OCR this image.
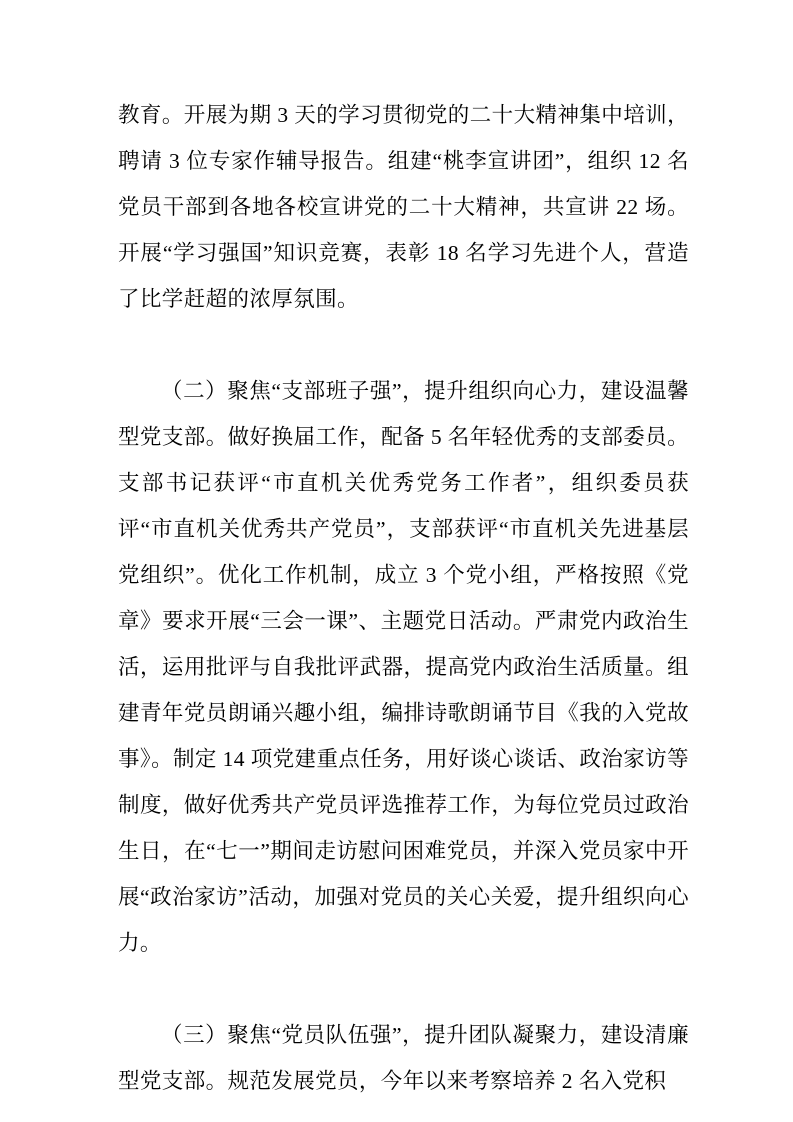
教育。开展为期 3 天的学习贯彻党的二十大精神集中培训，聘请 3 位专家作辅导报告。组建“桃李宣讲团”，组织 12 名党员干部到各地各校宣讲党的二十大精神，共宣讲 22 场。开展“学习强国”知识竞赛，表彰 18 名学习先进个人，营造了比学赶超的浓厚氛围。

（二）聚焦“支部班子强”，提升组织向心力，建设温馨型党支部。做好换届工作，配备 5 名年轻优秀的支部委员。支部书记获评“市直机关优秀党务工作者”，组织委员获评“市直机关优秀共产党员”，支部获评“市直机关先进基层党组织”。优化工作机制，成立 3 个党小组，严格按照《党章》要求开展“三会一课”、主题党日活动。严肃党内政治生活，运用批评与自我批评武器，提高党内政治生活质量。组建青年党员朗诵兴趣小组，编排诗歌朗诵节目《我的入党故事》。制定 14 项党建重点任务，用好谈心谈话、政治家访等制度，做好优秀共产党员评选推荐工作，为每位党员过政治生日，在“七一”期间走访慰问困难党员，并深入党员家中开展“政治家访”活动，加强对党员的关心关爱，提升组织向心力。

（三）聚焦“党员队伍强”，提升团队凝聚力，建设清廉型党支部。规范发展党员，今年以来考察培养 2 名入党积
